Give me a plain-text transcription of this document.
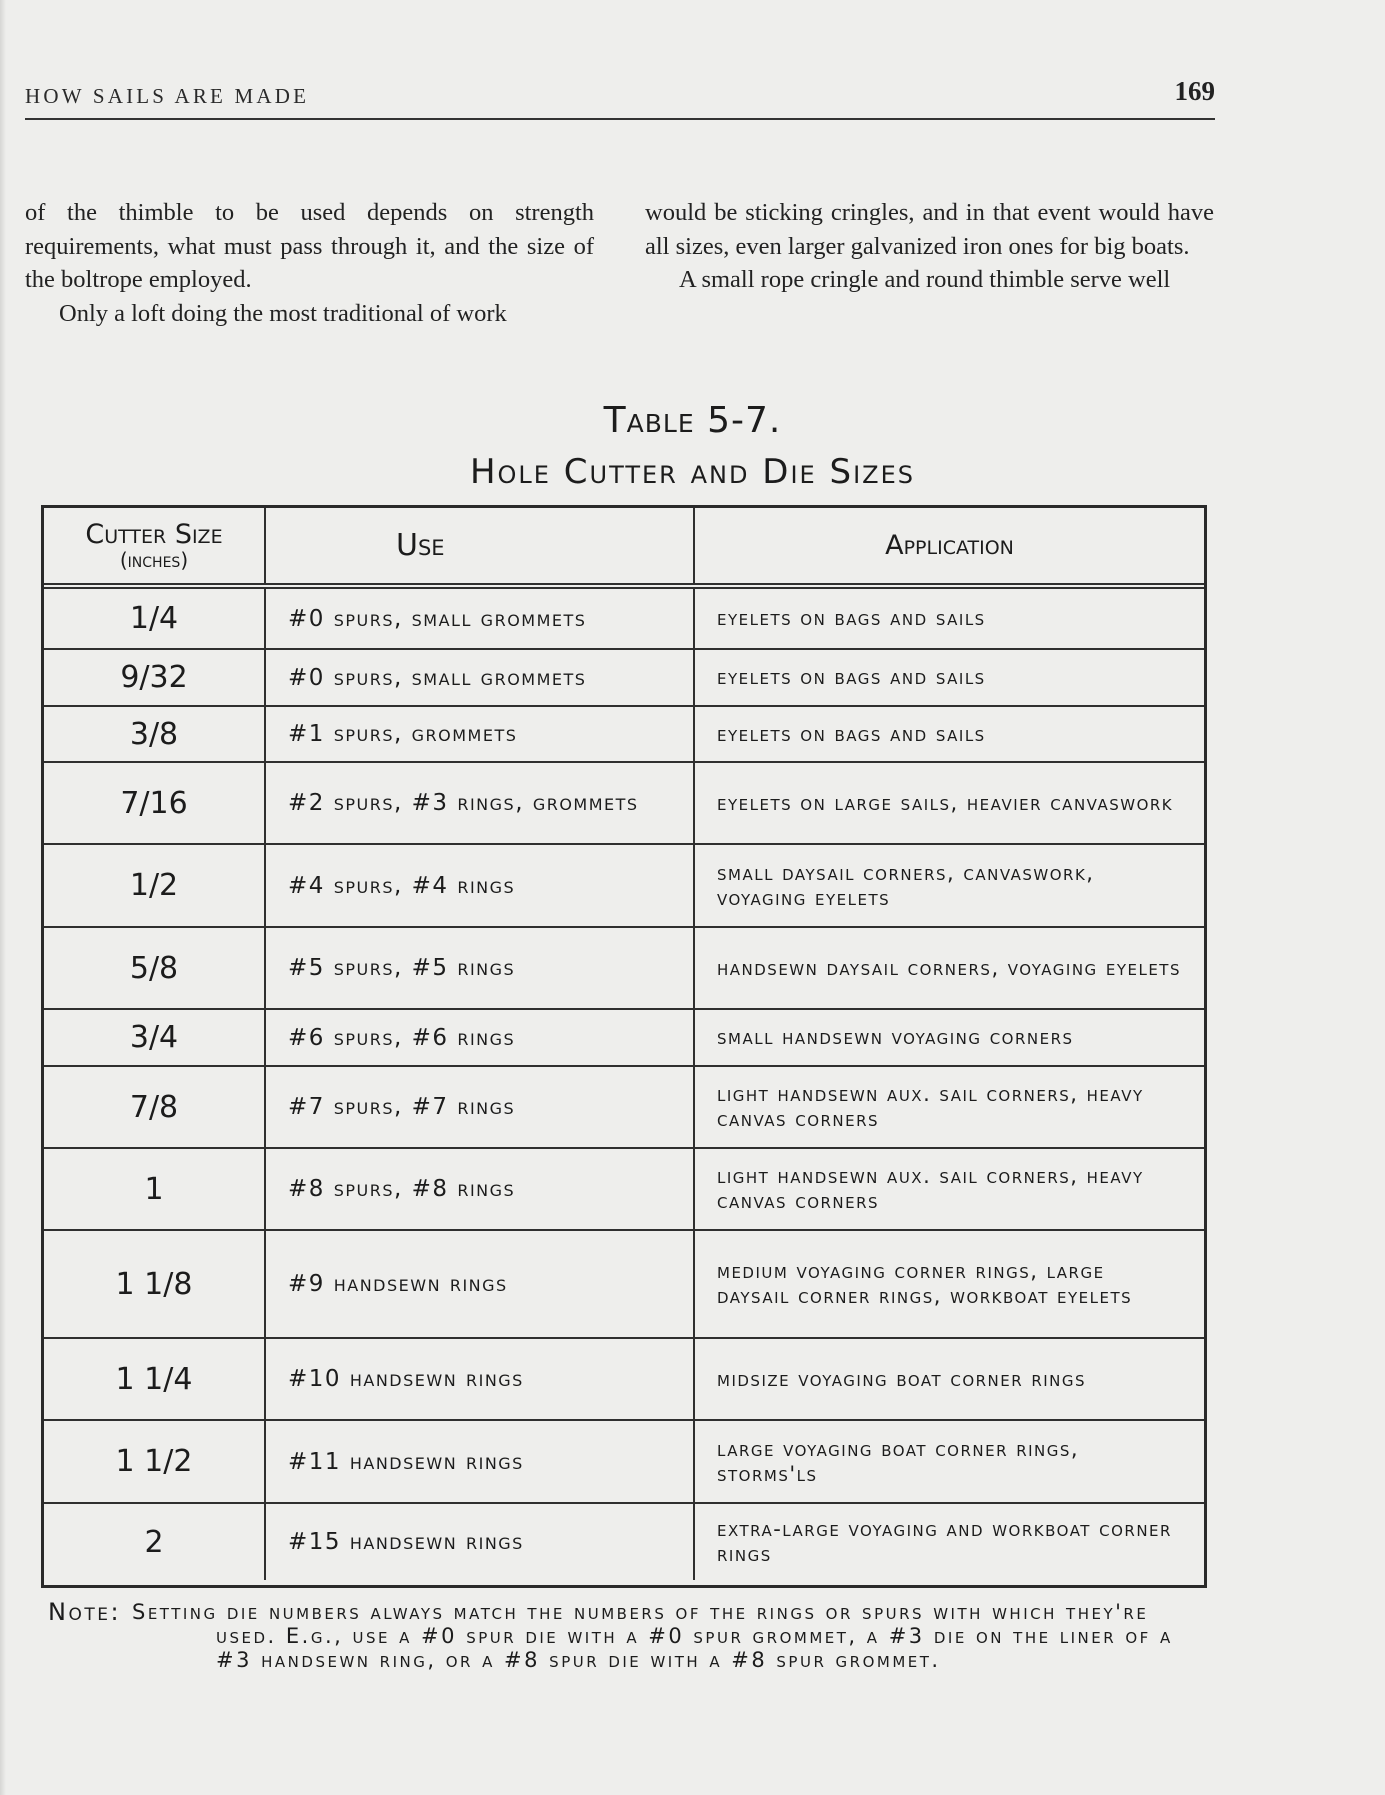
HOW SAILS ARE MADE	169

of the thimble to be used depends on strength requirements, what must pass through it, and the size of the boltrope employed.

Only a loft doing the most traditional of work

would be sticking cringles, and in that event would have all sizes, even larger galvanized iron ones for big boats.

A small rope cringle and round thimble serve well

Table 5-7.
Hole Cutter and Die Sizes
Cutter Size
(inches)	Use	Application
1/4	#0 spurs, small grommets	eyelets on bags and sails
9/32	#0 spurs, small grommets	eyelets on bags and sails
3/8	#1 spurs, grommets	eyelets on bags and sails
7/16	#2 spurs, #3 rings, grommets	eyelets on large sails, heavier canvaswork
1/2	#4 spurs, #4 rings	small daysail corners, canvaswork, voyaging eyelets
5/8	#5 spurs, #5 rings	handsewn daysail corners, voyaging eyelets
3/4	#6 spurs, #6 rings	small handsewn voyaging corners
7/8	#7 spurs, #7 rings	light handsewn aux. sail corners, heavy canvas corners
1	#8 spurs, #8 rings	light handsewn aux. sail corners, heavy canvas corners
1 1/8	#9 handsewn rings	medium voyaging corner rings, large daysail corner rings, workboat eyelets
1 1/4	#10 handsewn rings	midsize voyaging boat corner rings
1 1/2	#11 handsewn rings	large voyaging boat corner rings, storms'ls
2	#15 handsewn rings	extra-large voyaging and workboat corner rings
Note: Setting die numbers always match the numbers of the rings or spurs with which they're used. E.g., use a #0 spur die with a #0 spur grommet, a #3 die on the liner of a #3 handsewn ring, or a #8 spur die with a #8 spur grommet.
